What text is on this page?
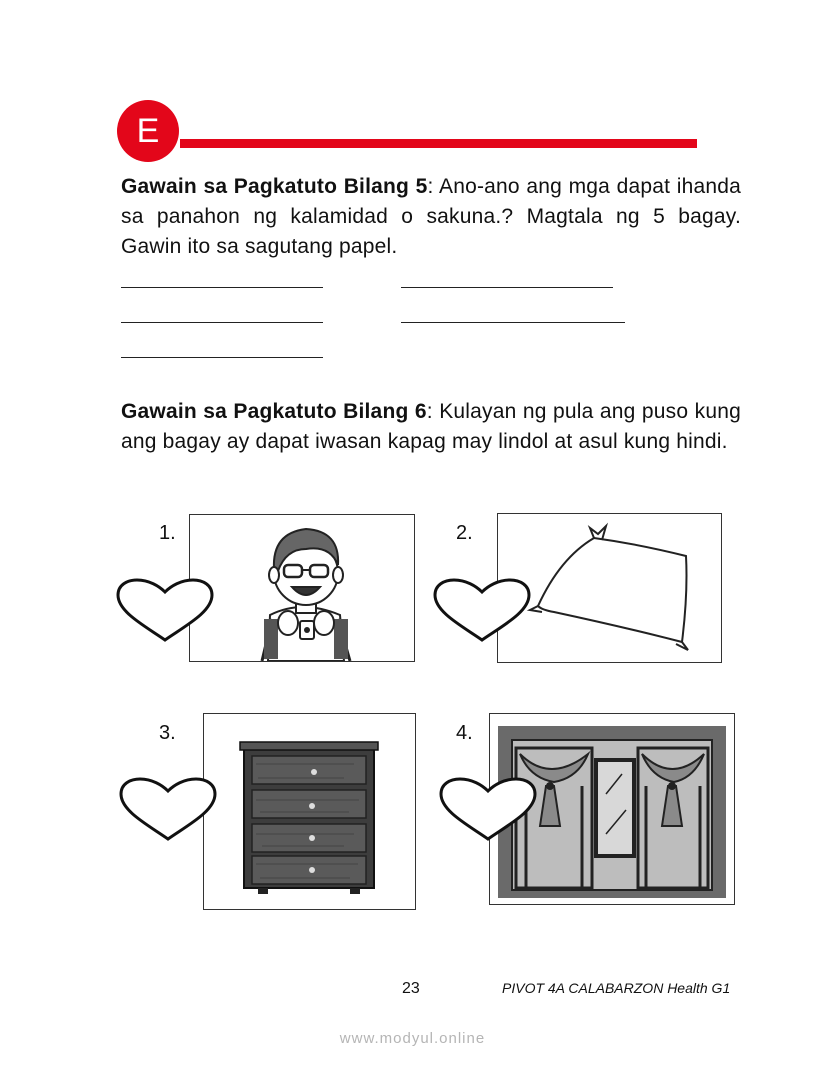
E
Gawain sa Pagkatuto Bilang 5: Ano-ano ang mga dapat ihanda sa panahon ng kalamidad o sakuna.? Magtala ng 5 bagay. Gawin ito sa sagutang papel.
Gawain sa Pagkatuto Bilang 6: Kulayan ng pula ang puso kung ang bagay ay dapat iwasan kapag may lindol at asul kung hindi.
1.	2.
3.	4.
23	PIVOT 4A CALABARZON Health G1
www.modyul.online
